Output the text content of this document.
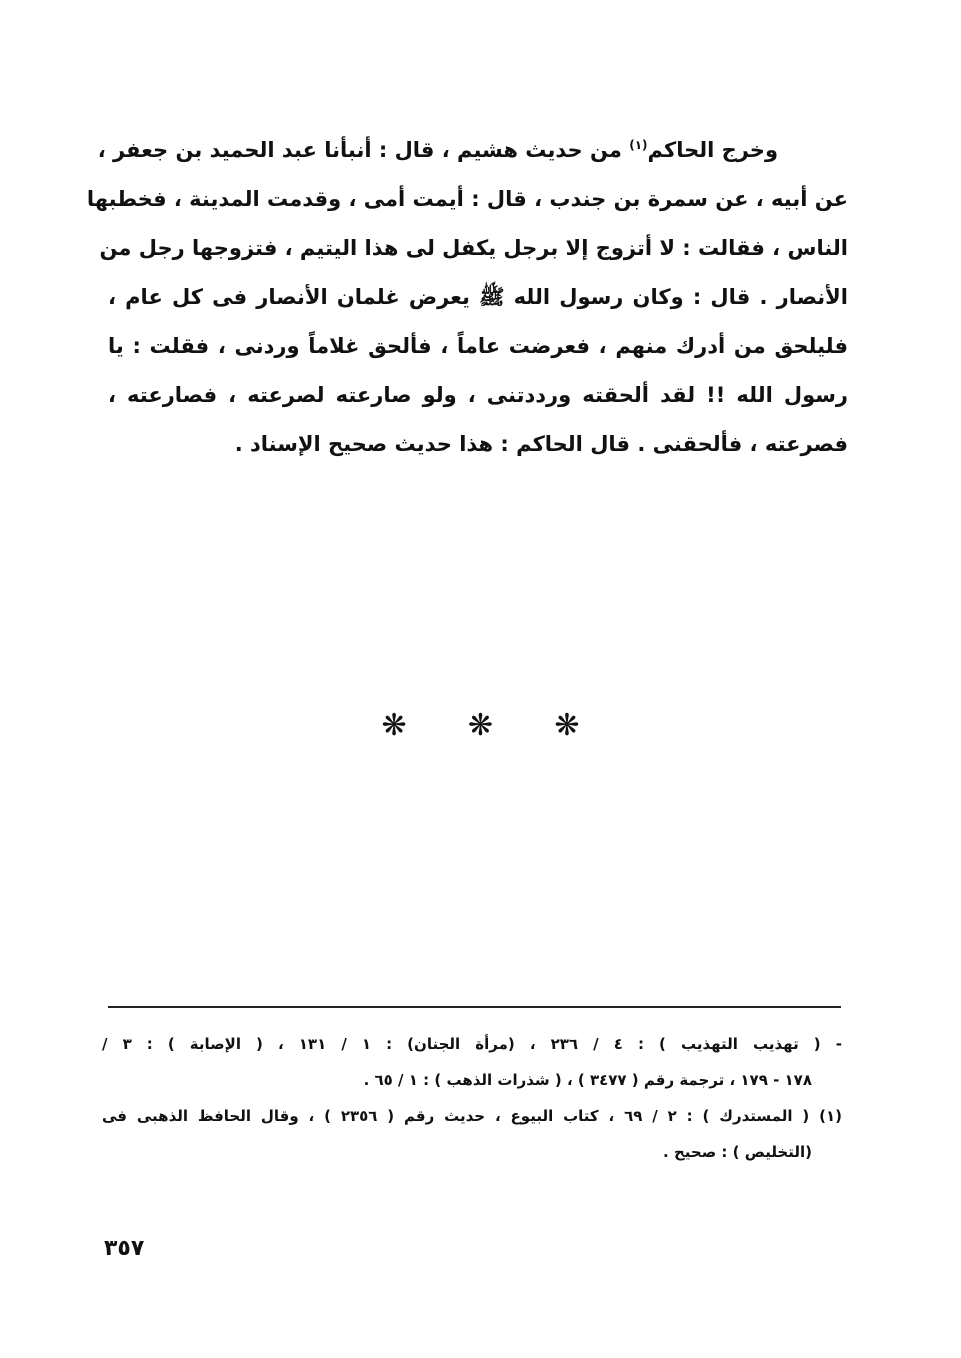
وخرج الحاكم$^{(١)}$ من حديث هشيم ، قال : أنبأنا عبد الحميد بن جعفر ،
عن أبيه ، عن سمرة بن جندب ، قال : أيمت أمى ، وقدمت المدينة ، فخطبها
الناس ، فقالت : لا أتزوج إلا برجل يكفل لى هذا اليتيم ، فتزوجها رجل من
الأنصار . قال : وكان رسول الله ﷺ يعرض غلمان الأنصار فى كل عام ،
فليلحق من أدرك منهم ، فعرضت عاماً ، فألحق غلاماً وردنى ، فقلت : يا
رسول الله !! لقد ألحقته ورددتنى ، ولو صارعته لصرعته ، فصارعته ،
فصرعته ، فألحقنى . قال الحاكم : هذا حديث صحيح الإسناد .
❋ ❋ ❋
- ( تهذيب التهذيب ) : ٤ / ٢٣٦ ، (مرأة الجنان) : ١ / ١٣١ ، ( الإصابة ) : ٣ /
١٧٨ - ١٧٩ ، ترجمة رقم ( ٣٤٧٧ ) ، ( شذرات الذهب ) : ١ / ٦٥ .
(١) ( المستدرك ) : ٢ / ٦٩ ، كتاب البيوع ، حديث رقم ( ٢٣٥٦ ) ، وقال الحافظ الذهبى فى
(التخليص ) : صحيح .
٣٥٧
